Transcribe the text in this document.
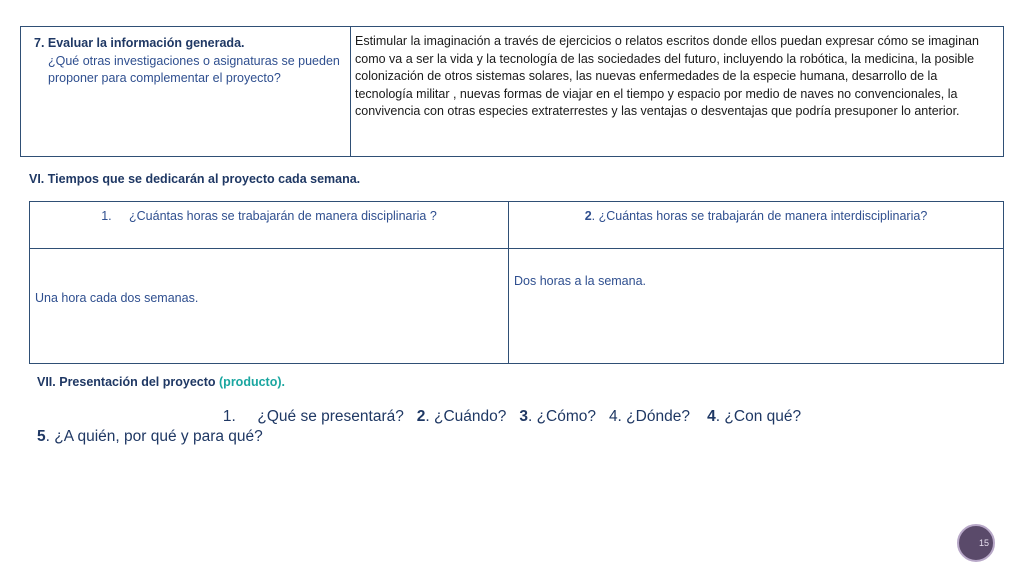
7. Evaluar la información generada.
¿Qué otras investigaciones o asignaturas se pueden proponer para complementar el proyecto?
Estimular la imaginación a través de ejercicios o relatos escritos donde ellos puedan expresar cómo se imaginan como va a ser la vida y la tecnología de las sociedades del futuro, incluyendo la robótica, la medicina, la posible colonización de otros sistemas solares, las nuevas enfermedades de la especie humana, desarrollo de la tecnología militar , nuevas formas de viajar en el tiempo y espacio por medio de naves no convencionales, la convivencia con otras especies extraterrestes y las ventajas o desventajas que podría presuponer lo anterior.
VI. Tiempos que se dedicarán al proyecto cada semana.
1. ¿Cuántas horas se trabajarán de manera disciplinaria ?	2. ¿Cuántas horas se trabajarán de manera interdisciplinaria?
Una hora cada dos semanas.
Dos horas a la semana.
VII. Presentación del proyecto (producto).
1. ¿Qué se presentará? 2. ¿Cuándo? 3. ¿Cómo? 4. ¿Dónde? 4. ¿Con qué?
5. ¿A quién, por qué y para qué?
15
